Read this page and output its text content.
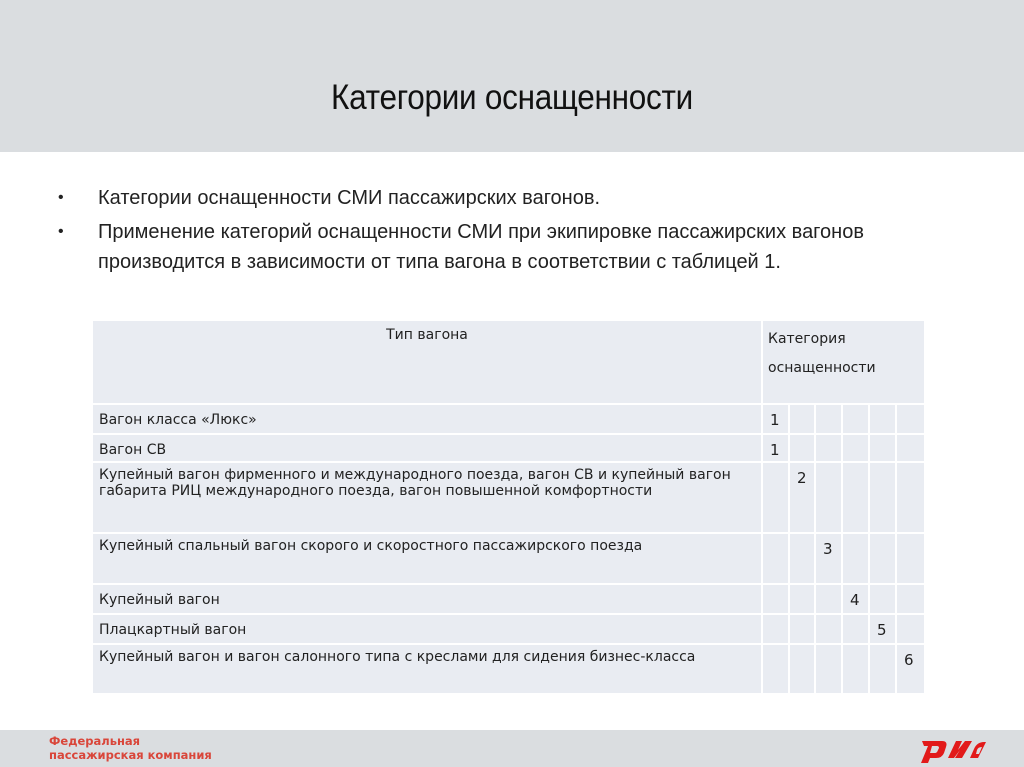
Категории оснащенности
•	Категории оснащенности СМИ пассажирских вагонов.
•	Применение категорий оснащенности СМИ при экипировке пассажирских вагонов производится в зависимости от типа вагона в соответствии с таблицей 1.
Тип вагона	Категория оснащенности					
Вагон класса «Люкс»	1					
Вагон СВ	1					
Купейный вагон фирменного и международного поезда, вагон СВ и купейный вагон габарита РИЦ международного поезда, вагон повышенной комфортности		2				
Купейный спальный вагон скорого и скоростного пассажирского поезда			3			
Купейный вагон				4		
Плацкартный вагон					5	
Купейный вагон и вагон салонного типа с креслами для сидения бизнес-класса						6
Федеральная
пассажирская компания
